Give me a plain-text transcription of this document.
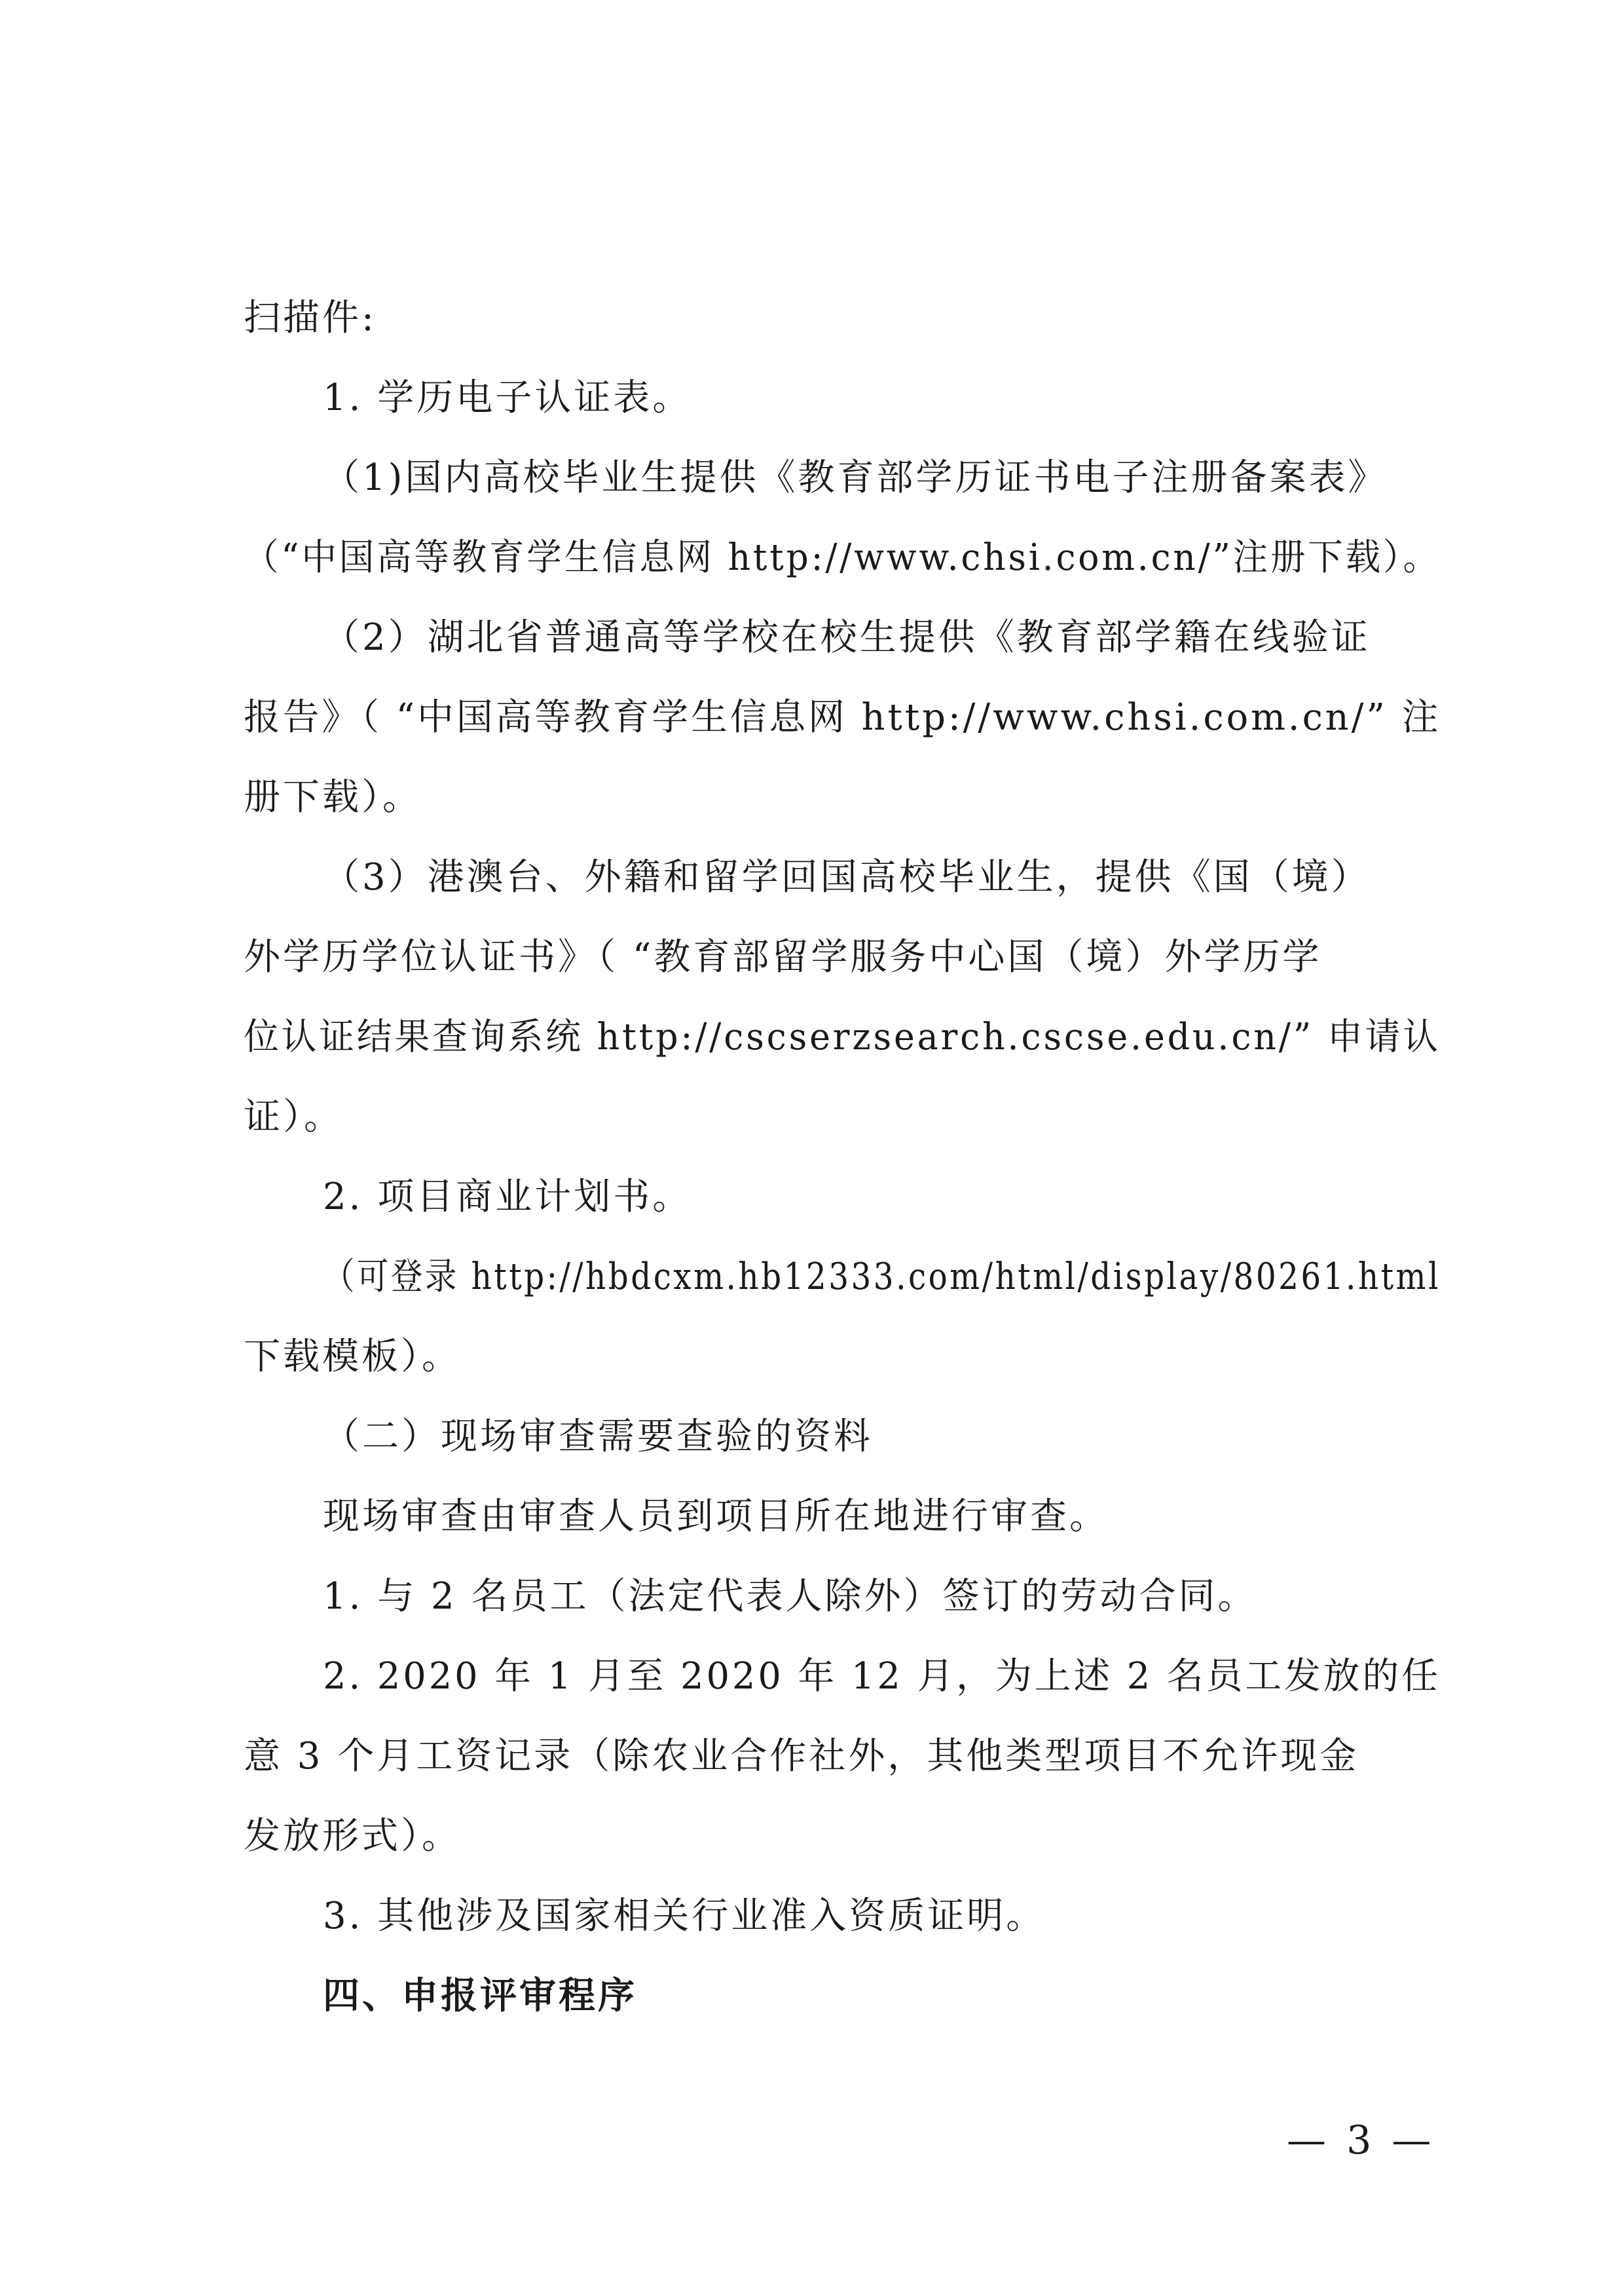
扫描件:
1. 学历电子认证表。
（1)国内高校毕业生提供《教育部学历证书电子注册备案表》
（“中国高等教育学生信息网 http://www.chsi.com.cn/”注册下载）。
（2）湖北省普通高等学校在校生提供《教育部学籍在线验证
报告》（ “中国高等教育学生信息网 http://www.chsi.com.cn/” 注
册下载）。
（3）港澳台、外籍和留学回国高校毕业生，提供《国（境）
外学历学位认证书》（ “教育部留学服务中心国（境）外学历学
位认证结果查询系统 http://cscserzsearch.cscse.edu.cn/” 申请认
证）。
2. 项目商业计划书。
（可登录 http://hbdcxm.hb12333.com/html/display/80261.html
下载模板）。
（二）现场审查需要查验的资料
现场审查由审查人员到项目所在地进行审查。
1. 与 2 名员工（法定代表人除外）签订的劳动合同。
2. 2020 年 1 月至 2020 年 12 月，为上述 2 名员工发放的任
意 3 个月工资记录（除农业合作社外，其他类型项目不允许现金
发放形式）。
3. 其他涉及国家相关行业准入资质证明。
四、申报评审程序
— 3 —
